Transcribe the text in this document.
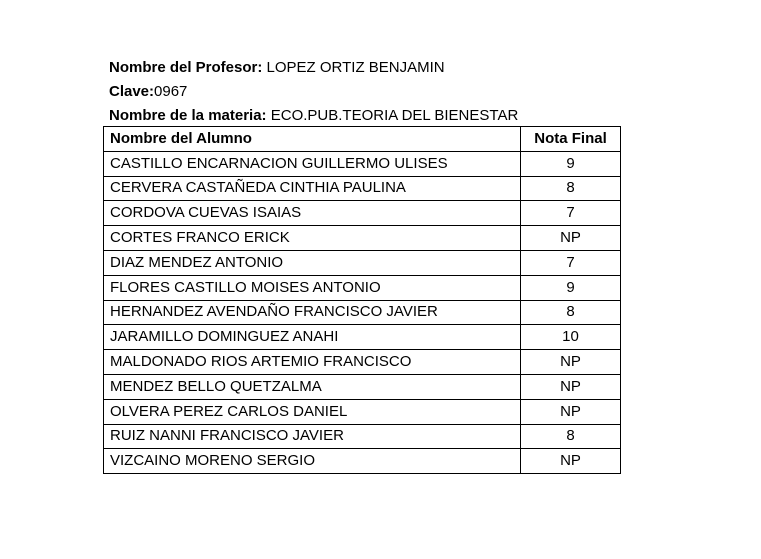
Nombre del Profesor: LOPEZ ORTIZ BENJAMIN
Clave:0967
Nombre de la materia: ECO.PUB.TEORIA DEL BIENESTAR
Nombre del Alumno	Nota Final
CASTILLO ENCARNACION GUILLERMO ULISES	9
CERVERA CASTAÑEDA CINTHIA PAULINA	8
CORDOVA CUEVAS ISAIAS	7
CORTES FRANCO ERICK	NP
DIAZ MENDEZ ANTONIO	7
FLORES CASTILLO MOISES ANTONIO	9
HERNANDEZ AVENDAÑO FRANCISCO JAVIER	8
JARAMILLO DOMINGUEZ ANAHI	10
MALDONADO RIOS ARTEMIO FRANCISCO	NP
MENDEZ BELLO QUETZALMA	NP
OLVERA PEREZ CARLOS DANIEL	NP
RUIZ NANNI FRANCISCO JAVIER	8
VIZCAINO MORENO SERGIO	NP
